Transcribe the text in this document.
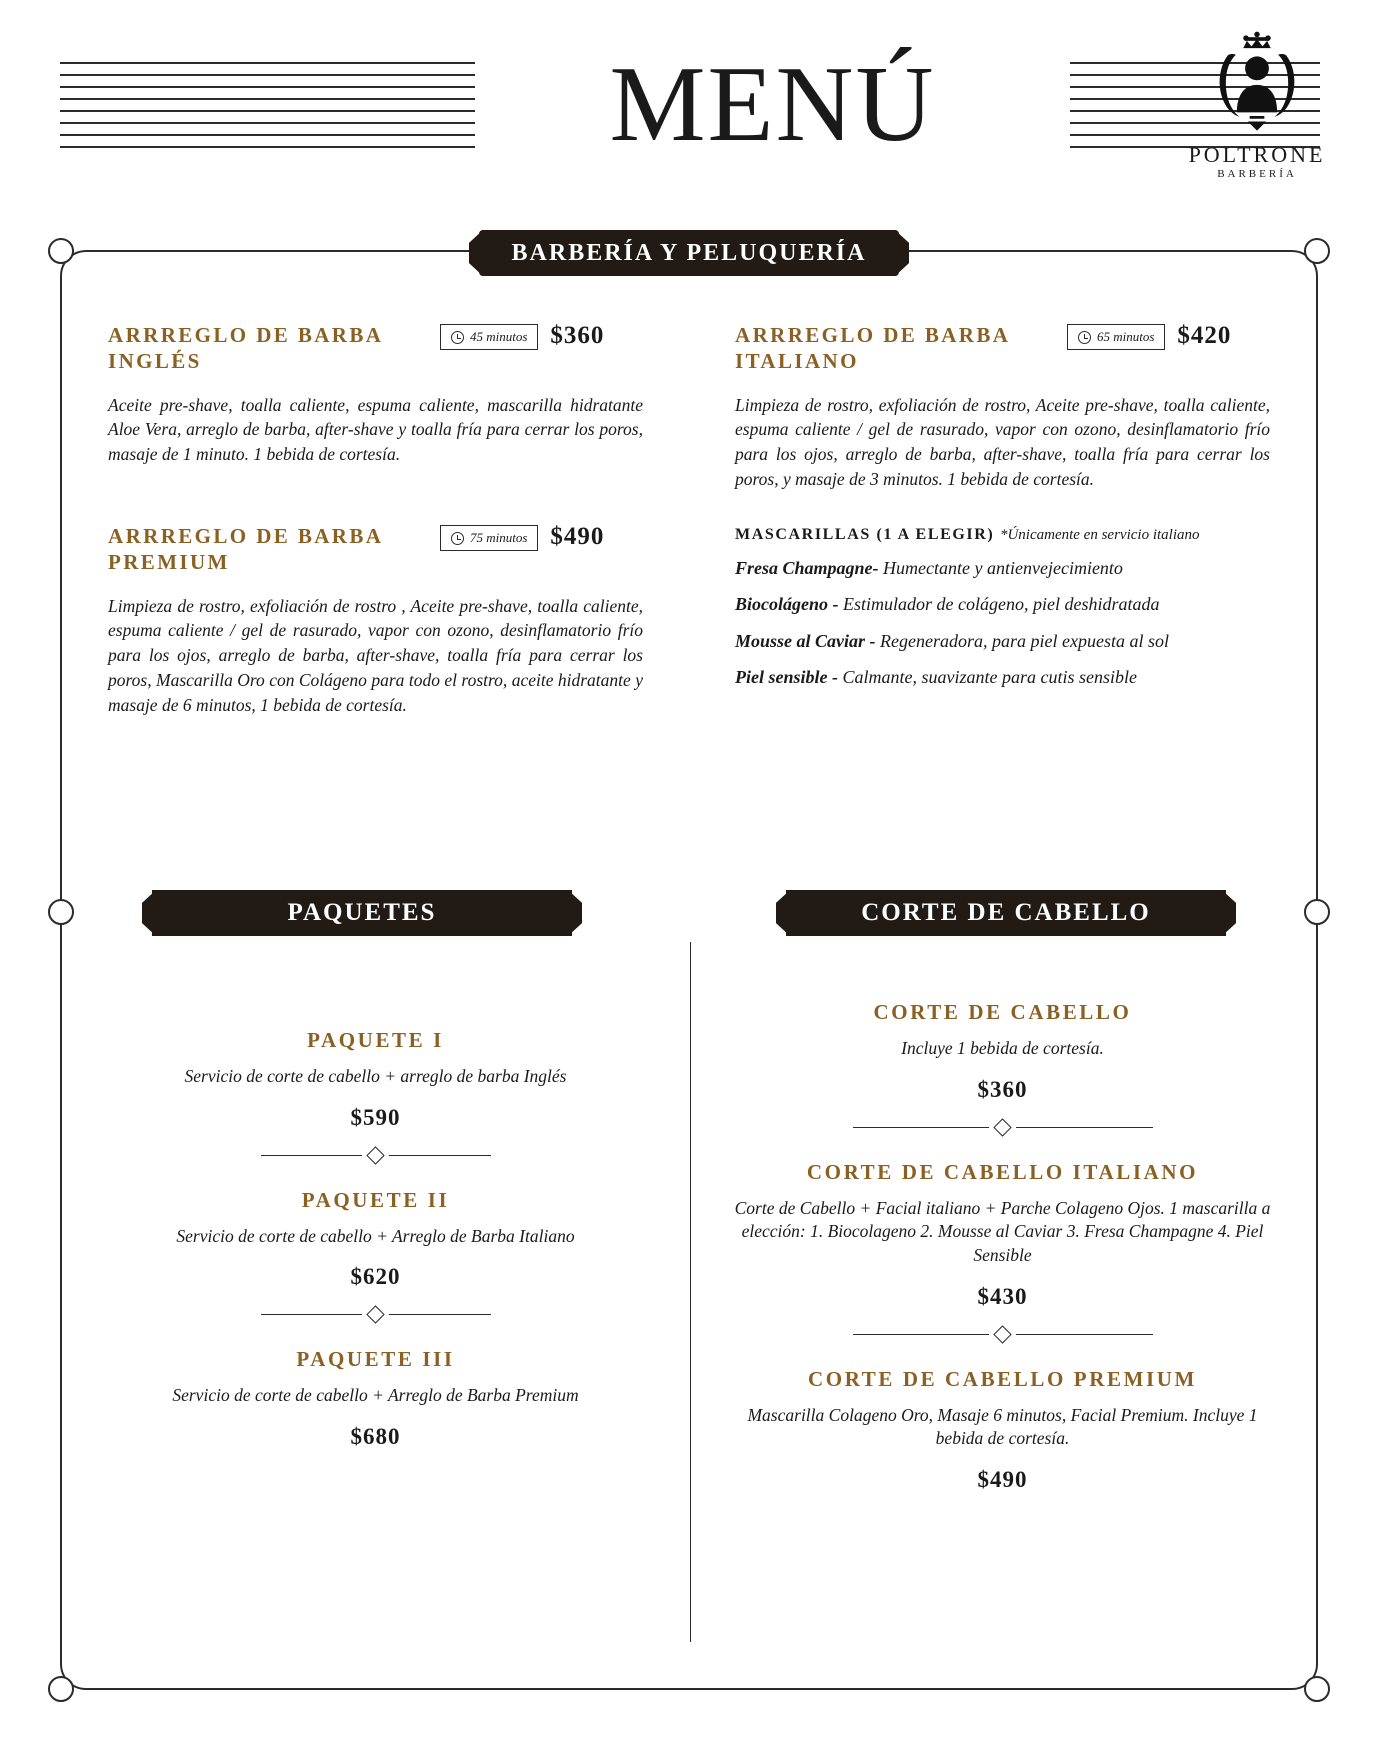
MENÚ	POLTRONE
BARBERÍA
BARBERÍA Y PELUQUERÍA
ARRREGLO DE BARBA INGLÉS
45 minutos $360
Aceite pre-shave, toalla caliente, espuma caliente, mascarilla hidratante Aloe Vera, arreglo de barba, after-shave y toalla fría para cerrar los poros, masaje de 1 minuto. 1 bebida de cortesía.
ARRREGLO DE BARBA PREMIUM
75 minutos $490
Limpieza de rostro, exfoliación de rostro , Aceite pre-shave, toalla caliente, espuma caliente / gel de rasurado, vapor con ozono, desinflamatorio frío para los ojos, arreglo de barba, after-shave, toalla fría para cerrar los poros, Mascarilla Oro con Colágeno para todo el rostro, aceite hidratante y masaje de 6 minutos, 1 bebida de cortesía.
ARRREGLO DE BARBA ITALIANO
65 minutos $420
Limpieza de rostro, exfoliación de rostro, Aceite pre-shave, toalla caliente, espuma caliente / gel de rasurado, vapor con ozono, desinflamatorio frío para los ojos, arreglo de barba, after-shave, toalla fría para cerrar los poros, y masaje de 3 minutos. 1 bebida de cortesía.
MASCARILLAS (1 A ELEGIR) *Únicamente en servicio italiano
Fresa Champagne- Humectante y antienvejecimiento
Biocolágeno - Estimulador de colágeno, piel deshidratada
Mousse al Caviar - Regeneradora, para piel expuesta al sol
Piel sensible - Calmante, suavizante para cutis sensible
PAQUETES	CORTE DE CABELLO
PAQUETE I
Servicio de corte de cabello + arreglo de barba Inglés
$590
PAQUETE II
Servicio de corte de cabello + Arreglo de Barba Italiano
$620
PAQUETE III
Servicio de corte de cabello + Arreglo de Barba Premium
$680
CORTE DE CABELLO
Incluye 1 bebida de cortesía.
$360
CORTE DE CABELLO ITALIANO
Corte de Cabello + Facial italiano + Parche Colageno Ojos. 1 mascarilla a elección: 1. Biocolageno 2. Mousse al Caviar 3. Fresa Champagne 4. Piel Sensible
$430
CORTE DE CABELLO PREMIUM
Mascarilla Colageno Oro, Masaje 6 minutos, Facial Premium. Incluye 1 bebida de cortesía.
$490
